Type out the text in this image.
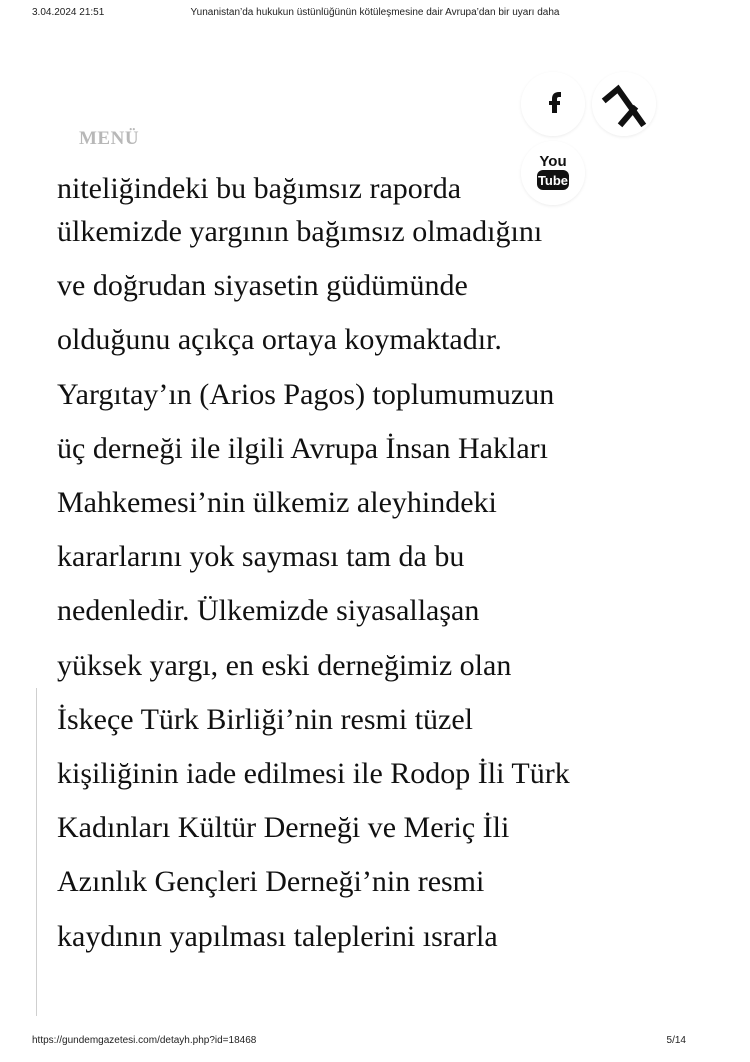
3.04.2024 21:51	Yunanistan’da hukukun üstünlüğünün kötüleşmesine dair Avrupa’dan bir uyarı daha
MENÜ
You
Tube
niteliğindeki bu bağımsız raporda

ülkemizde yargının bağımsız olmadığını
ve doğrudan siyasetin güdümünde
olduğunu açıkça ortaya koymaktadır.
Yargıtay’ın (Arios Pagos) toplumumuzun
üç derneği ile ilgili Avrupa İnsan Hakları
Mahkemesi’nin ülkemiz aleyhindeki
kararlarını yok sayması tam da bu
nedenledir. Ülkemizde siyasallaşan
yüksek yargı, en eski derneğimiz olan
İskeçe Türk Birliği’nin resmi tüzel
kişiliğinin iade edilmesi ile Rodop İli Türk
Kadınları Kültür Derneği ve Meriç İli
Azınlık Gençleri Derneği’nin resmi
kaydının yapılması taleplerini ısrarla

https://gundemgazetesi.com/detayh.php?id=18468	5/14
